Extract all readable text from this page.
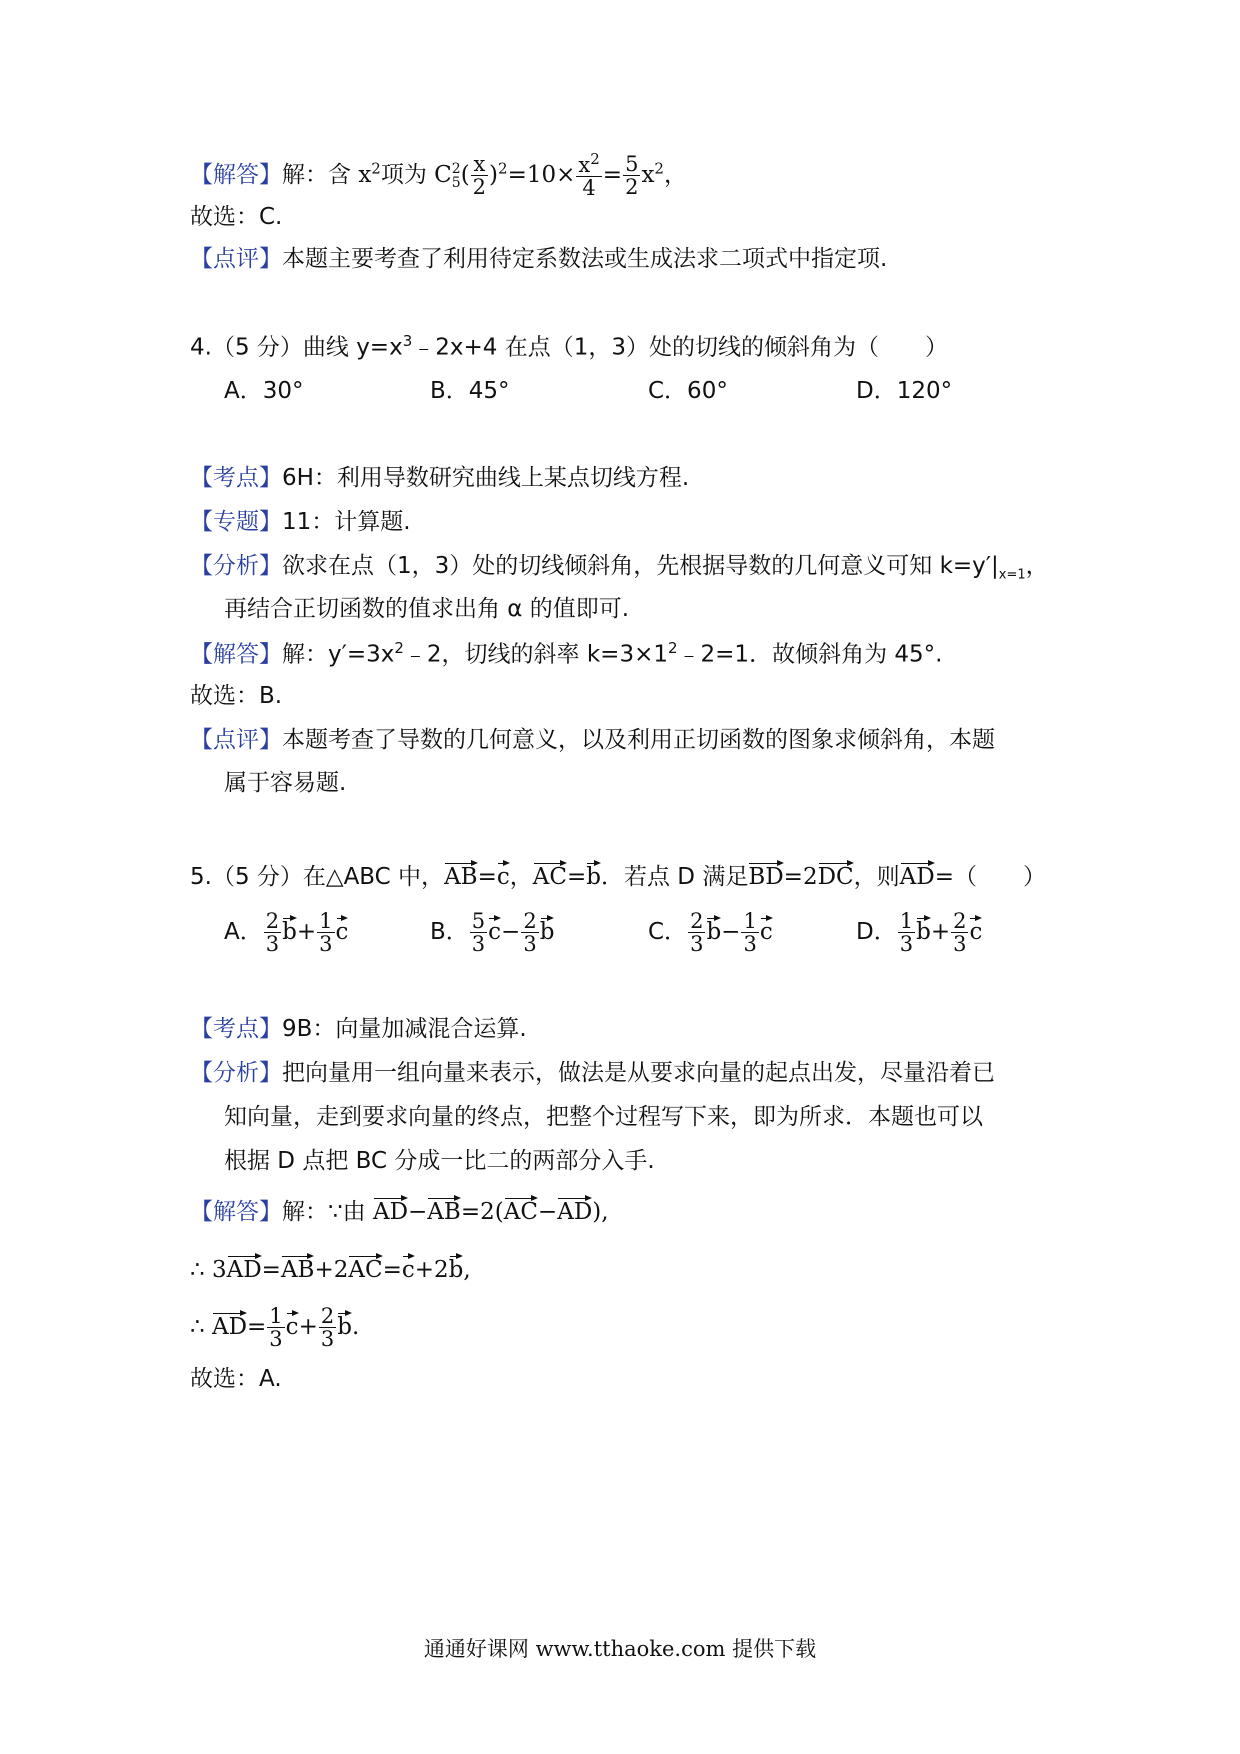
【解答】解：含 $x^2$项为 C 2
5 ( $\frac{x}{2} )^2=10\times \frac{x^2}{4} = \frac{5}{2} x^2$，
故选：C.
【点评】本题主要考查了利用待定系数法或生成法求二项式中指定项.
4.（5 分）曲线 $y=x^3﹣2x+4$ 在点（1，3）处的切线的倾斜角为（　　）
A．30°	B．45°	C．60°	D．120°
【考点】6H：利用导数研究曲线上某点切线方程.
【专题】11：计算题.
【分析】欲求在点（1，3）处的切线倾斜角，先根据导数的几何意义可知 $k=y'|_{x=1}$，
再结合正切函数的值求出角 α 的值即可.
【解答】解：$y'=3x^2﹣2$，切线的斜率 $k=3\times 1^2﹣2=1$．故倾斜角为 45°.
故选：B.
【点评】本题考查了导数的几何意义，以及利用正切函数的图象求倾斜角，本题
属于容易题.
5.（5 分）在△ABC 中，AB=c，AC=b．若点 D 满足BD=2DC，则AD=（　　）
A． $\frac{2}{3} b+ \frac{1}{3}$ c	B． $\frac{5}{3} c- \frac{2}{3}$ b	C． $\frac{2}{3} b- \frac{1}{3}$ c	D． $\frac{1}{3} b+ \frac{2}{3}$ c
【考点】9B：向量加减混合运算.
【分析】把向量用一组向量来表示，做法是从要求向量的起点出发，尽量沿着已
知向量，走到要求向量的终点，把整个过程写下来，即为所求．本题也可以
根据 D 点把 BC 分成一比二的两部分入手.
【解答】解：∵由 AD−AB=2(AC−AD),
∴ 3AD=AB+2AC=c+2b,
∴ $AD= \frac{1}{3} c+ \frac{2}{3} b$.
故选：A.
通通好课网 www.tthaoke.com 提供下载
